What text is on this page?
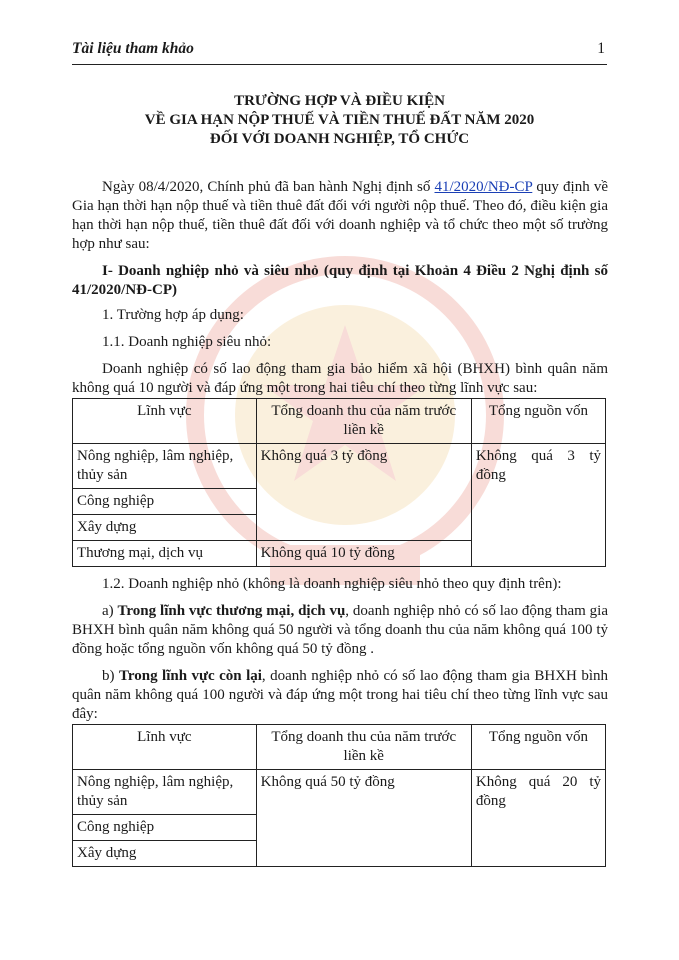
Tài liệu tham khảo	1
TRƯỜNG HỢP VÀ ĐIỀU KIỆN
VỀ GIA HẠN NỘP THUẾ VÀ TIỀN THUẾ ĐẤT NĂM 2020
ĐỐI VỚI DOANH NGHIỆP, TỔ CHỨC

Ngày 08/4/2020, Chính phủ đã ban hành Nghị định số 41/2020/NĐ-CP quy định về Gia hạn thời hạn nộp thuế và tiền thuê đất đối với người nộp thuế. Theo đó, điều kiện gia hạn thời hạn nộp thuế, tiền thuê đất đối với doanh nghiệp và tổ chức theo một số trường hợp như sau:

I- Doanh nghiệp nhỏ và siêu nhỏ (quy định tại Khoản 4 Điều 2 Nghị định số 41/2020/NĐ-CP)

1. Trường hợp áp dụng:

1.1. Doanh nghiệp siêu nhỏ:

Doanh nghiệp có số lao động tham gia bảo hiểm xã hội (BHXH) bình quân năm không quá 10 người và đáp ứng một trong hai tiêu chí theo từng lĩnh vực sau:

Lĩnh vực	Tổng doanh thu của năm trước liền kề	Tổng nguồn vốn
Nông nghiệp, lâm nghiệp, thủy sản	Không quá 3 tỷ đồng	Không quá 3 tỷ đồng
Công nghiệp		
Xây dựng		
Thương mại, dịch vụ	Không quá 10 tỷ đồng	

1.2. Doanh nghiệp nhỏ (không là doanh nghiệp siêu nhỏ theo quy định trên):

a) Trong lĩnh vực thương mại, dịch vụ, doanh nghiệp nhỏ có số lao động tham gia BHXH bình quân năm không quá 50 người và tổng doanh thu của năm không quá 100 tỷ đồng hoặc tổng nguồn vốn không quá 50 tỷ đồng .

b) Trong lĩnh vực còn lại, doanh nghiệp nhỏ có số lao động tham gia BHXH bình quân năm không quá 100 người và đáp ứng một trong hai tiêu chí theo từng lĩnh vực sau đây:

Lĩnh vực	Tổng doanh thu của năm trước liền kề	Tổng nguồn vốn
Nông nghiệp, lâm nghiệp, thủy sản	Không quá 50 tỷ đồng	Không quá 20 tỷ đồng
Công nghiệp		
Xây dựng		
